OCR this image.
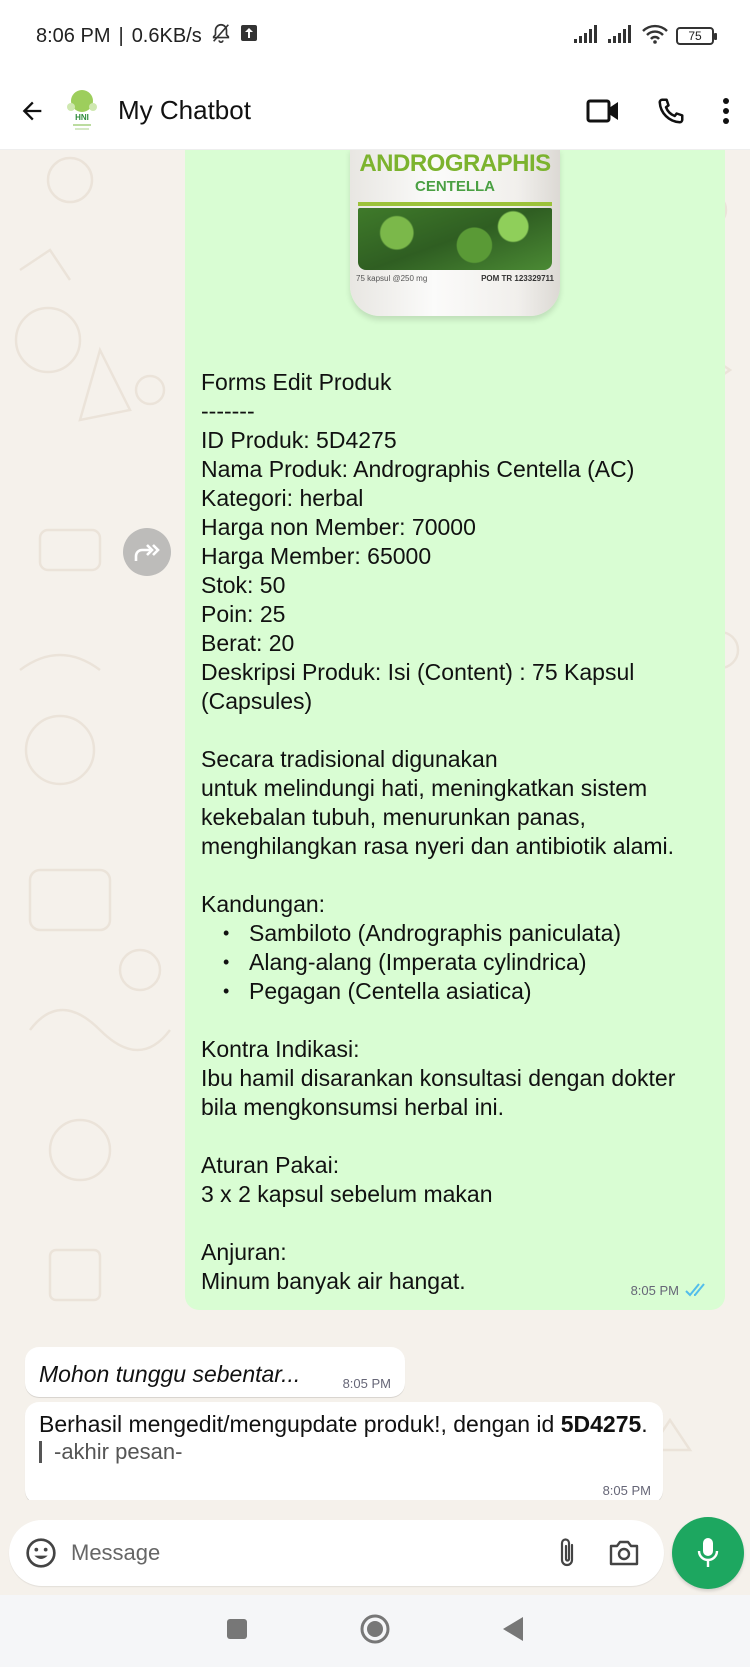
8:06 PM | 0.6KB/s	75
HNI My Chatbot
ANDROGRAPHIS
CENTELLA
75 kapsul @250 mg	POM TR 123329711
Forms Edit Produk
-------
ID Produk: 5D4275
Nama Produk: Andrographis Centella (AC)
Kategori: herbal
Harga non Member: 70000
Harga Member: 65000
Stok: 50
Poin: 25
Berat: 20
Deskripsi Produk: Isi (Content) : 75 Kapsul (Capsules)
Secara tradisional digunakan
untuk melindungi hati, meningkatkan sistem kekebalan tubuh, menurunkan panas, menghilangkan rasa nyeri dan antibiotik alami.
Kandungan:
• Sambiloto (Andrographis paniculata)
• Alang-alang (Imperata cylindrica)
• Pegagan (Centella asiatica)
Kontra Indikasi:
Ibu hamil disarankan konsultasi dengan dokter bila mengkonsumsi herbal ini.
Aturan Pakai:
3 x 2 kapsul sebelum makan
Anjuran:
Minum banyak air hangat.	8:05 PM
Mohon tunggu sebentar...	8:05 PM
Berhasil mengedit/mengupdate produk!, dengan id 5D4275.
-akhir pesan-
8:05 PM
Message
